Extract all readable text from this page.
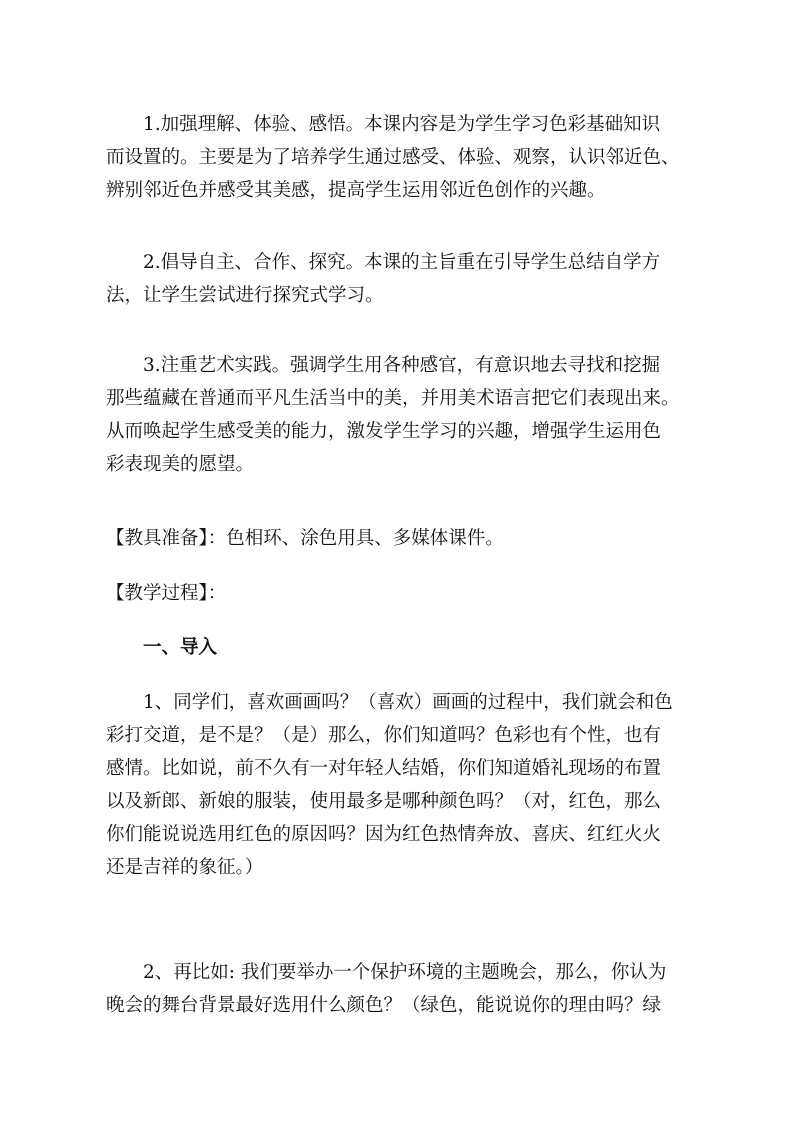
1.加强理解、体验、感悟。本课内容是为学生学习色彩基础知识
而设置的。主要是为了培养学生通过感受、体验、观察，认识邻近色、
辨别邻近色并感受其美感，提高学生运用邻近色创作的兴趣。

2.倡导自主、合作、探究。本课的主旨重在引导学生总结自学方
法，让学生尝试进行探究式学习。

3.注重艺术实践。强调学生用各种感官，有意识地去寻找和挖掘
那些蕴藏在普通而平凡生活当中的美，并用美术语言把它们表现出来。
从而唤起学生感受美的能力，激发学生学习的兴趣，增强学生运用色
彩表现美的愿望。

【教具准备】：色相环、涂色用具、多媒体课件。

【教学过程】：

一、导入

1、同学们，喜欢画画吗？（喜欢）画画的过程中，我们就会和色
彩打交道，是不是？（是）那么，你们知道吗？色彩也有个性，也有
感情。比如说，前不久有一对年轻人结婚，你们知道婚礼现场的布置
以及新郎、新娘的服装，使用最多是哪种颜色吗？（对，红色，那么
你们能说说选用红色的原因吗？因为红色热情奔放、喜庆、红红火火
还是吉祥的象征。）

2、再比如: 我们要举办一个保护环境的主题晚会，那么，你认为
晚会的舞台背景最好选用什么颜色？（绿色，能说说你的理由吗？绿
